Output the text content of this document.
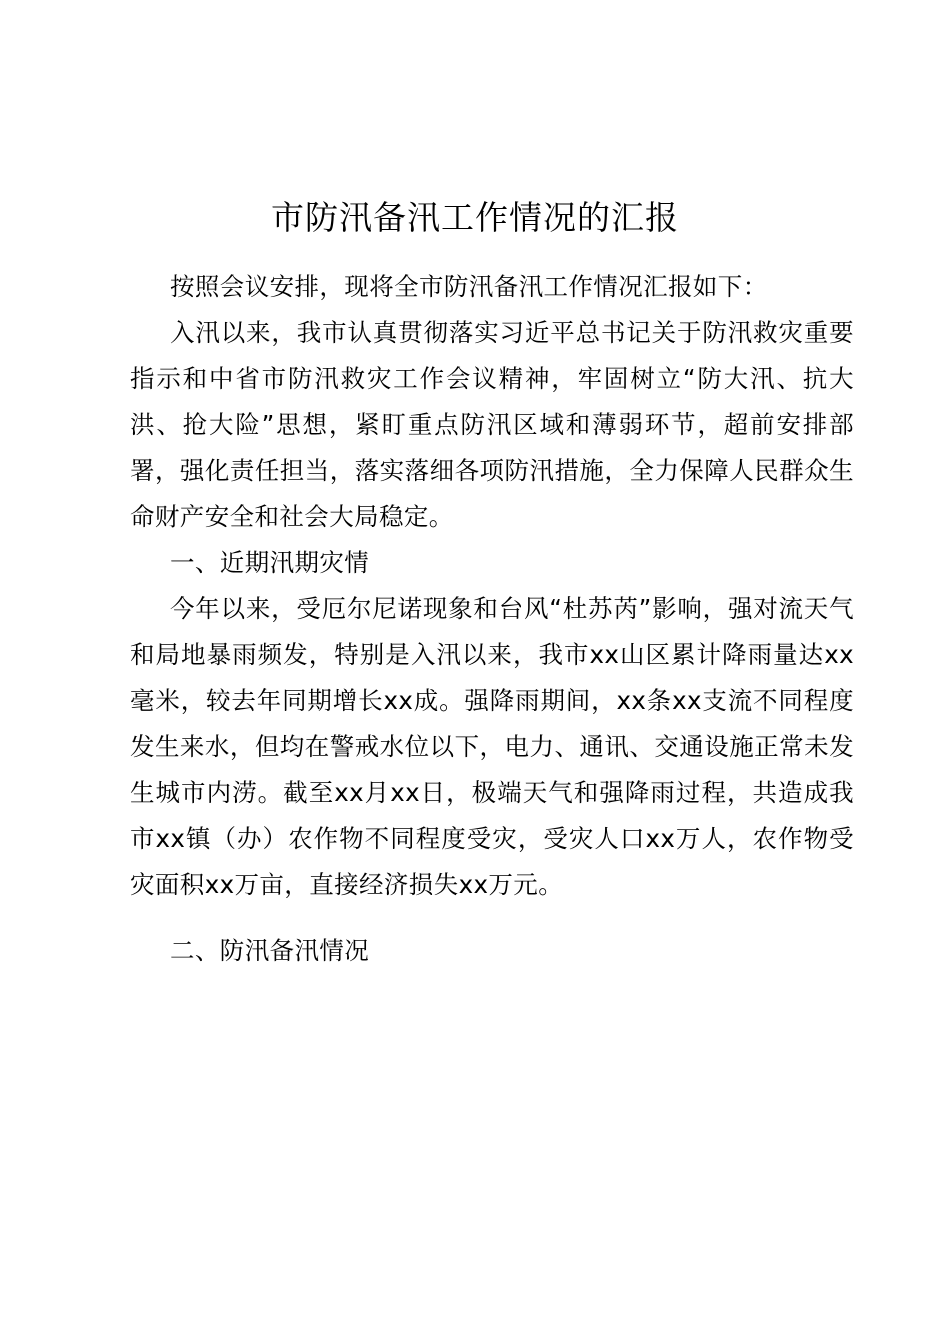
市防汛备汛工作情况的汇报

按照会议安排，现将全市防汛备汛工作情况汇报如下：

入汛以来，我市认真贯彻落实习近平总书记关于防汛救灾重要指示和中省市防汛救灾工作会议精神，牢固树立“防大汛、抗大洪、抢大险”思想，紧盯重点防汛区域和薄弱环节，超前安排部署，强化责任担当，落实落细各项防汛措施，全力保障人民群众生命财产安全和社会大局稳定。

一、近期汛期灾情

今年以来，受厄尔尼诺现象和台风“杜苏芮”影响，强对流天气和局地暴雨频发，特别是入汛以来，我市xx山区累计降雨量达xx毫米，较去年同期增长xx成。强降雨期间，xx条xx支流不同程度发生来水，但均在警戒水位以下，电力、通讯、交通设施正常未发生城市内涝。截至xx月xx日，极端天气和强降雨过程，共造成我市xx镇（办）农作物不同程度受灾，受灾人口xx万人，农作物受灾面积xx万亩，直接经济损失xx万元。

二、防汛备汛情况
